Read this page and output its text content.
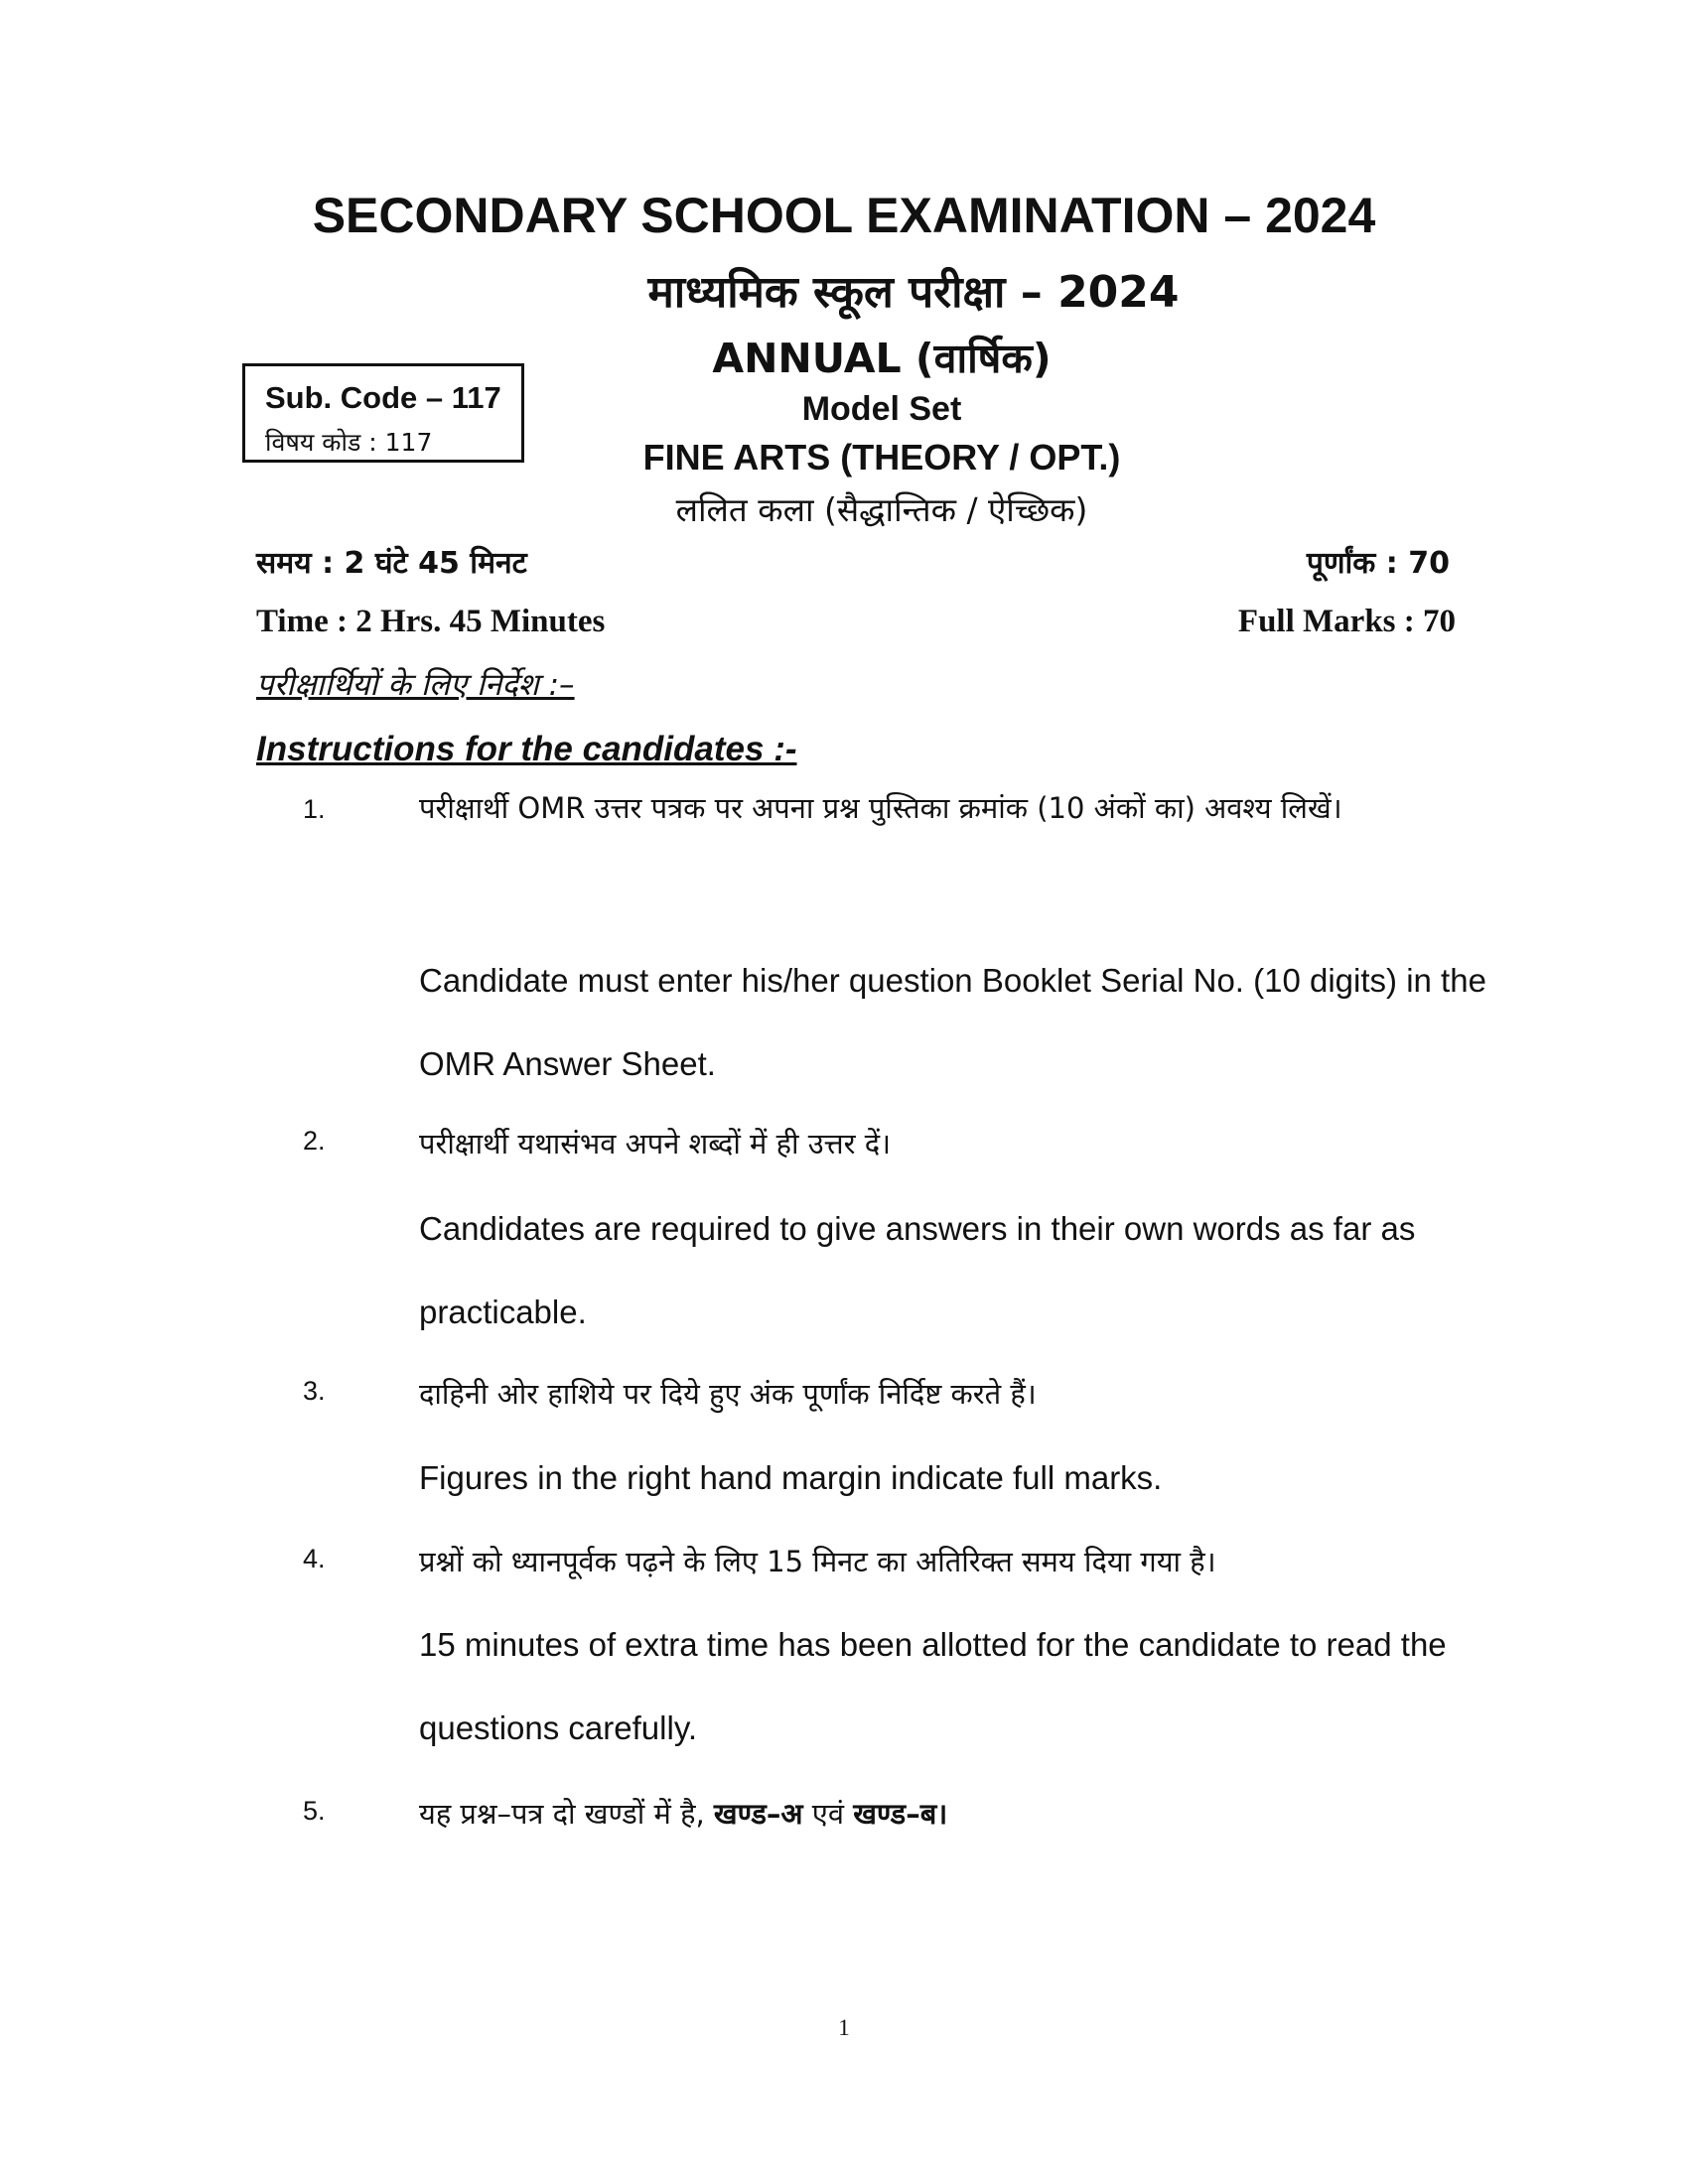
SECONDARY SCHOOL EXAMINATION – 2024
माध्यमिक स्कूल परीक्षा – 2024
ANNUAL (वार्षिक)
Model Set
FINE ARTS (THEORY / OPT.)
ललित कला (सैद्धान्तिक / ऐच्छिक)
Sub. Code – 117
विषय कोड : 117
समय : 2 घंटे 45 मिनट	पूर्णांक : 70
Time : 2 Hrs. 45 Minutes	Full Marks : 70
परीक्षार्थियों के लिए निर्देश :–
Instructions for the candidates :-
1.	परीक्षार्थी OMR उत्तर पत्रक पर अपना प्रश्न पुस्तिका क्रमांक (10 अंकों का) अवश्य लिखें।
Candidate must enter his/her question Booklet Serial No. (10 digits) in the OMR Answer Sheet.
2.	परीक्षार्थी यथासंभव अपने शब्दों में ही उत्तर दें।
Candidates are required to give answers in their own words as far as practicable.
3.	दाहिनी ओर हाशिये पर दिये हुए अंक पूर्णांक निर्दिष्ट करते हैं।
Figures in the right hand margin indicate full marks.
4.	प्रश्नों को ध्यानपूर्वक पढ़ने के लिए 15 मिनट का अतिरिक्त समय दिया गया है।
15 minutes of extra time has been allotted for the candidate to read the questions carefully.
5.	यह प्रश्न–पत्र दो खण्डों में है, खण्ड–अ एवं खण्ड–ब।
1
